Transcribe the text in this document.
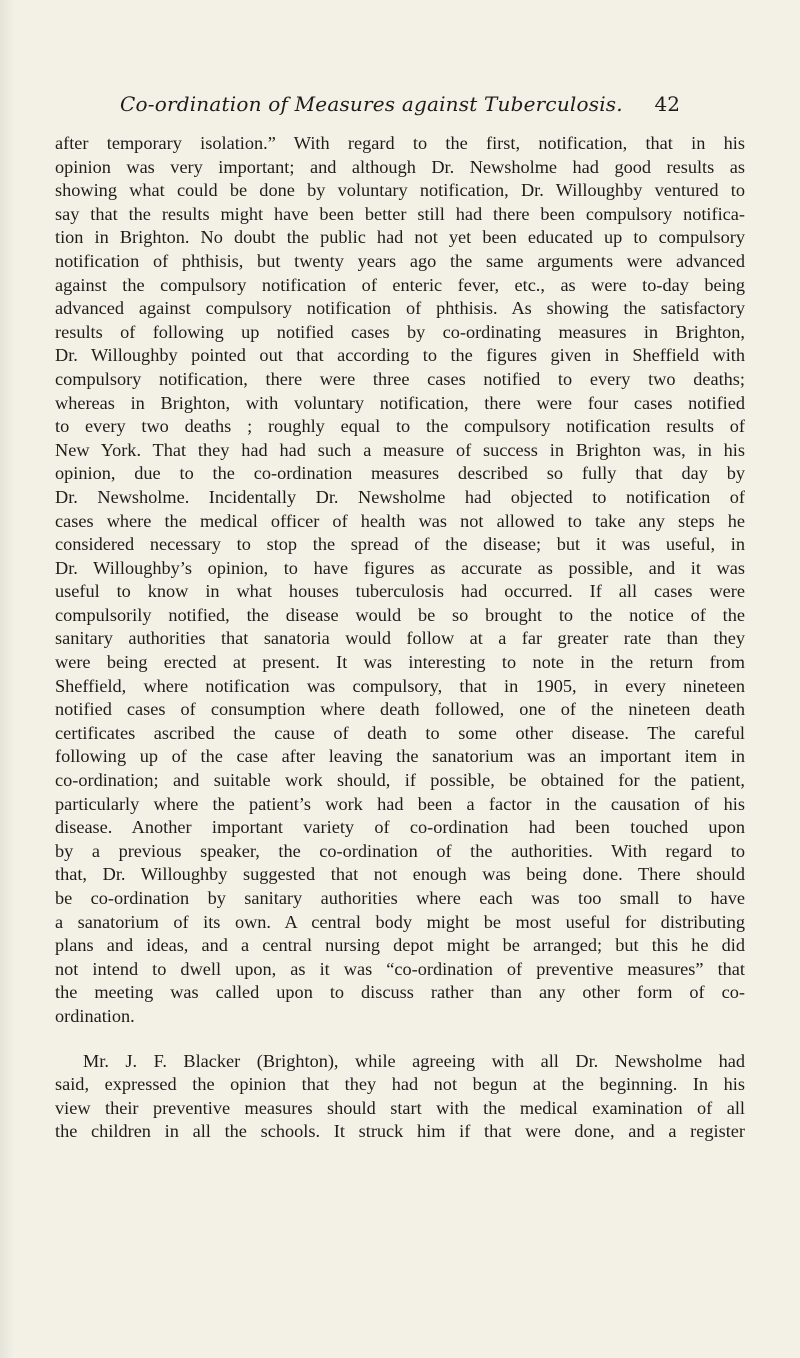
Co-ordination of Measures against Tuberculosis. 42
after temporary isolation.” With regard to the first, notification, that in his
opinion was very important; and although Dr. Newsholme had good results as
showing what could be done by voluntary notification, Dr. Willoughby ventured to
say that the results might have been better still had there been compulsory notifica-
tion in Brighton. No doubt the public had not yet been educated up to compulsory
notification of phthisis, but twenty years ago the same arguments were advanced
against the compulsory notification of enteric fever, etc., as were to-day being
advanced against compulsory notification of phthisis. As showing the satisfactory
results of following up notified cases by co-ordinating measures in Brighton,
Dr. Willoughby pointed out that according to the figures given in Sheffield with
compulsory notification, there were three cases notified to every two deaths;
whereas in Brighton, with voluntary notification, there were four cases notified
to every two deaths ; roughly equal to the compulsory notification results of
New York. That they had had such a measure of success in Brighton was, in his
opinion, due to the co-ordination measures described so fully that day by
Dr. Newsholme. Incidentally Dr. Newsholme had objected to notification of
cases where the medical officer of health was not allowed to take any steps he
considered necessary to stop the spread of the disease; but it was useful, in
Dr. Willoughby’s opinion, to have figures as accurate as possible, and it was
useful to know in what houses tuberculosis had occurred. If all cases were
compulsorily notified, the disease would be so brought to the notice of the
sanitary authorities that sanatoria would follow at a far greater rate than they
were being erected at present. It was interesting to note in the return from
Sheffield, where notification was compulsory, that in 1905, in every nineteen
notified cases of consumption where death followed, one of the nineteen death
certificates ascribed the cause of death to some other disease. The careful
following up of the case after leaving the sanatorium was an important item in
co-ordination; and suitable work should, if possible, be obtained for the patient,
particularly where the patient’s work had been a factor in the causation of his
disease. Another important variety of co-ordination had been touched upon
by a previous speaker, the co-ordination of the authorities. With regard to
that, Dr. Willoughby suggested that not enough was being done. There should
be co-ordination by sanitary authorities where each was too small to have
a sanatorium of its own. A central body might be most useful for distributing
plans and ideas, and a central nursing depot might be arranged; but this he did
not intend to dwell upon, as it was “co-ordination of preventive measures” that
the meeting was called upon to discuss rather than any other form of co-
ordination.
Mr. J. F. Blacker (Brighton), while agreeing with all Dr. Newsholme had
said, expressed the opinion that they had not begun at the beginning. In his
view their preventive measures should start with the medical examination of all
the children in all the schools. It struck him if that were done, and a register
